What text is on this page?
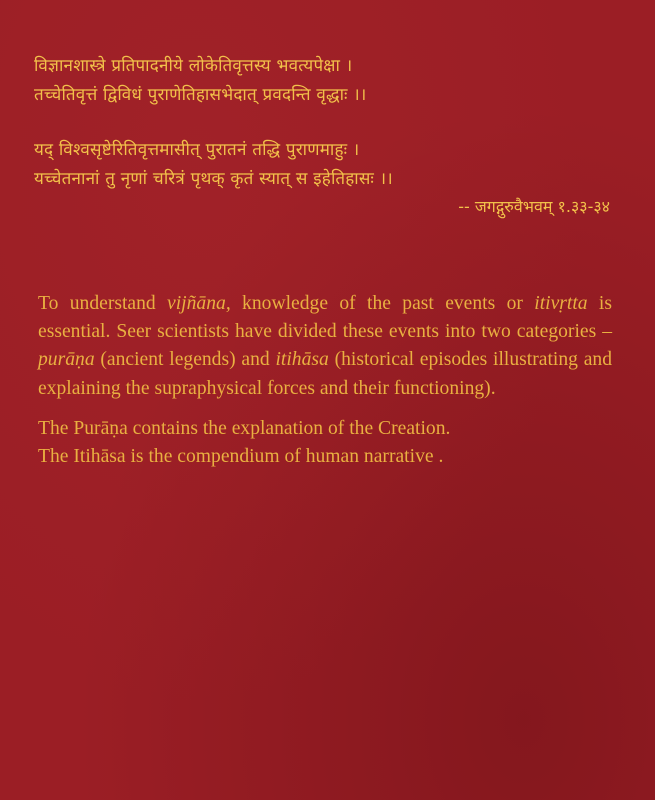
विज्ञानशास्त्रे प्रतिपादनीये लोकेतिवृत्तस्य भवत्यपेक्षा ।
तच्चेतिवृत्तं द्विविधं पुराणेतिहासभेदात् प्रवदन्ति वृद्धाः ।।
यद् विश्वसृष्टेरितिवृत्तमासीत् पुरातनं तद्धि पुराणमाहुः ।
यच्चेतनानां तु नृणां चरित्रं पृथक् कृतं स्यात् स इहेतिहासः ।।
-- जगद्गुरुवैभवम् १.३३-३४

To understand vijñāna, knowledge of the past events or itivṛtta is essential. Seer scientists have divided these events into two categories – purāṇa (ancient legends) and itihāsa (historical episodes illustrating and explaining the supraphysical forces and their functioning).

The Purāṇa contains the explanation of the Creation.
The Itihāsa is the compendium of human narrative .
